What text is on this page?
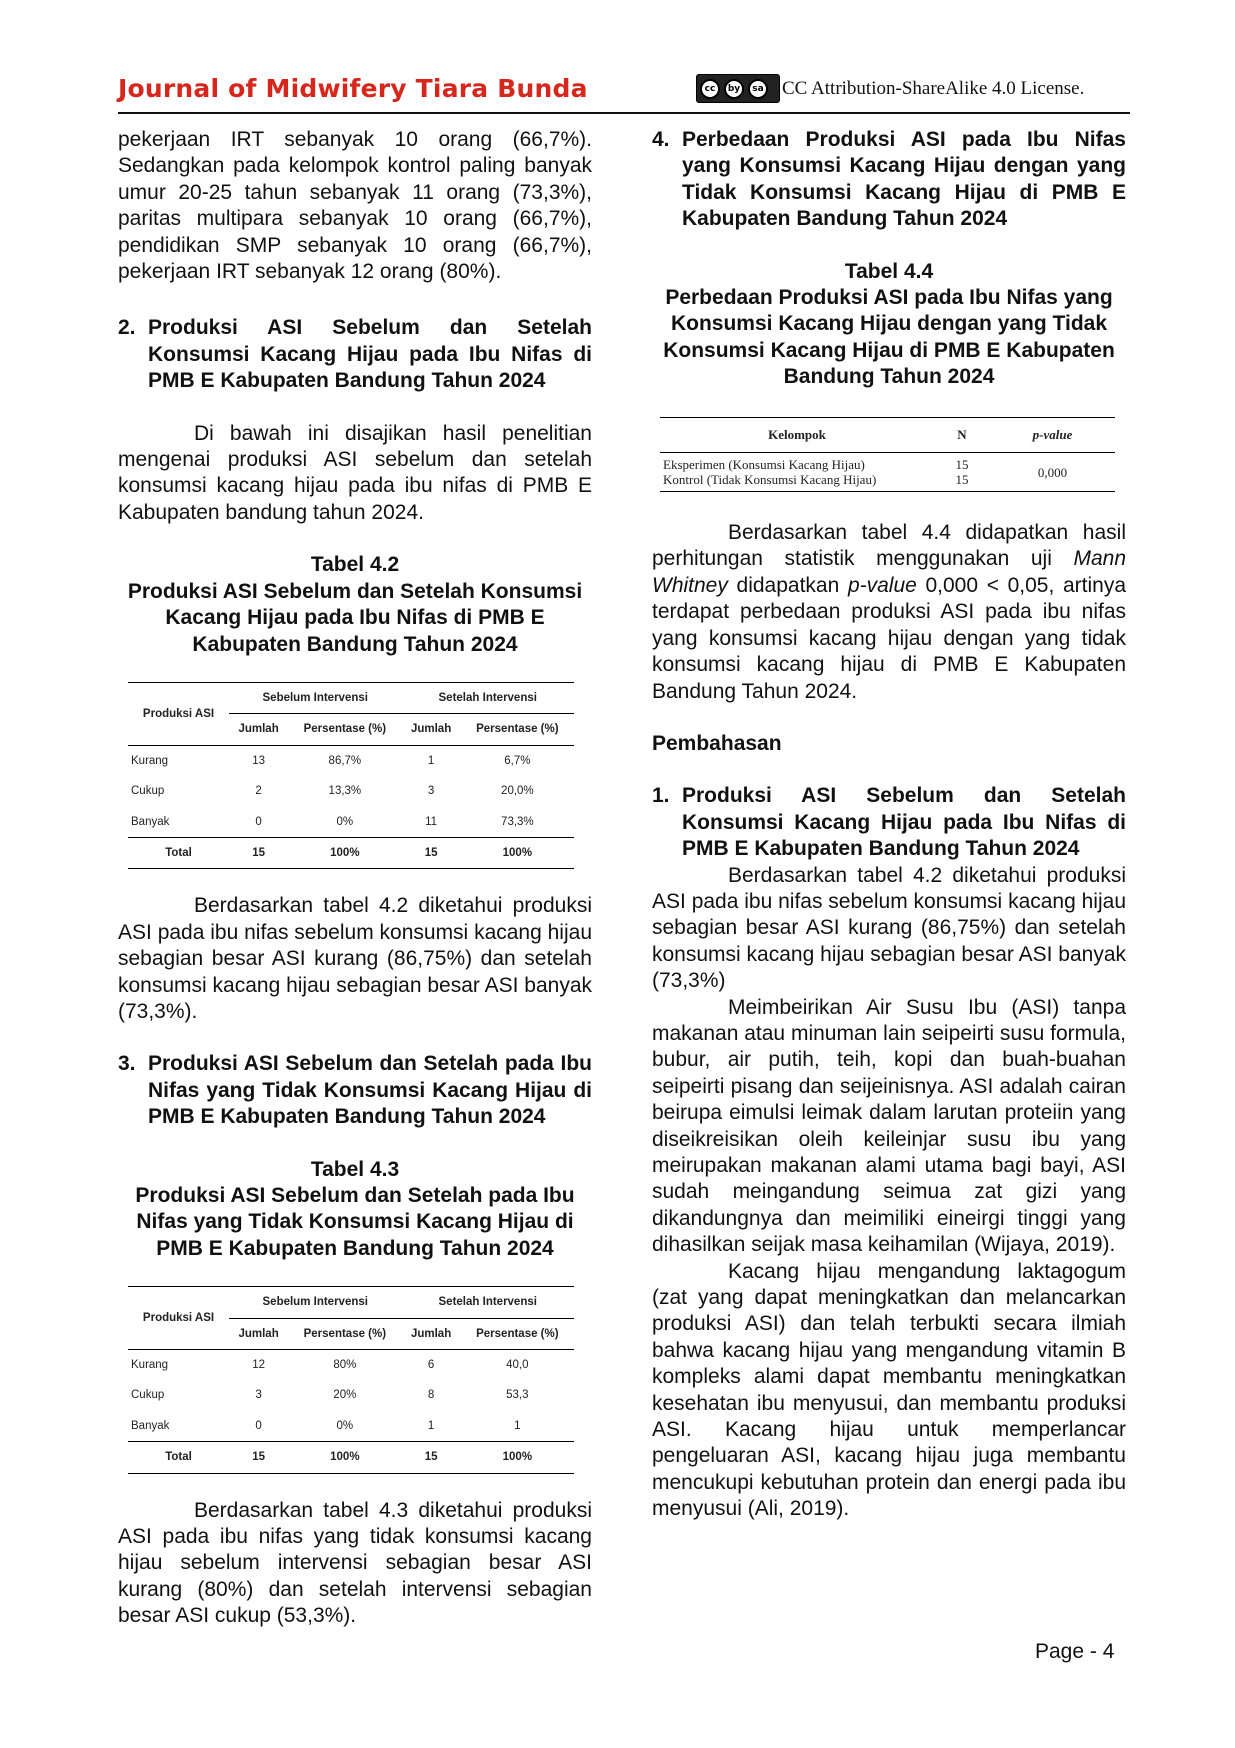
Journal of Midwifery Tiara Bunda	cc	by	sa CC Attribution-ShareAlike 4.0 License.

pekerjaan IRT sebanyak 10 orang (66,7%). Sedangkan pada kelompok kontrol paling banyak umur 20-25 tahun sebanyak 11 orang (73,3%), paritas multipara sebanyak 10 orang (66,7%), pendidikan SMP sebanyak 10 orang (66,7%), pekerjaan IRT sebanyak 12 orang (80%).

2. Produksi ASI Sebelum dan Setelah Konsumsi Kacang Hijau pada Ibu Nifas di PMB E Kabupaten Bandung Tahun 2024

Di bawah ini disajikan hasil penelitian mengenai produksi ASI sebelum dan setelah konsumsi kacang hijau pada ibu nifas di PMB E Kabupaten bandung tahun 2024.

Tabel 4.2

Produksi ASI Sebelum dan Setelah Konsumsi Kacang Hijau pada Ibu Nifas di PMB E Kabupaten Bandung Tahun 2024

Produksi ASI	Sebelum Intervensi		Setelah Intervensi	
	Jumlah	Persentase (%)	Jumlah	Persentase (%)
Kurang	13	86,7%	1	6,7%
Cukup	2	13,3%	3	20,0%
Banyak	0	0%	11	73,3%
Total	15	100%	15	100%

Berdasarkan tabel 4.2 diketahui produksi ASI pada ibu nifas sebelum konsumsi kacang hijau sebagian besar ASI kurang (86,75%) dan setelah konsumsi kacang hijau sebagian besar ASI banyak (73,3%).

3. Produksi ASI Sebelum dan Setelah pada Ibu Nifas yang Tidak Konsumsi Kacang Hijau di PMB E Kabupaten Bandung Tahun 2024

Tabel 4.3

Produksi ASI Sebelum dan Setelah pada Ibu Nifas yang Tidak Konsumsi Kacang Hijau di PMB E Kabupaten Bandung Tahun 2024

Produksi ASI	Sebelum Intervensi		Setelah Intervensi	
	Jumlah	Persentase (%)	Jumlah	Persentase (%)
Kurang	12	80%	6	40,0
Cukup	3	20%	8	53,3
Banyak	0	0%	1	1
Total	15	100%	15	100%

Berdasarkan tabel 4.3 diketahui produksi ASI pada ibu nifas yang tidak konsumsi kacang hijau sebelum intervensi sebagian besar ASI kurang (80%) dan setelah intervensi sebagian besar ASI cukup (53,3%).

4. Perbedaan Produksi ASI pada Ibu Nifas yang Konsumsi Kacang Hijau dengan yang Tidak Konsumsi Kacang Hijau di PMB E Kabupaten Bandung Tahun 2024

Tabel 4.4

Perbedaan Produksi ASI pada Ibu Nifas yang Konsumsi Kacang Hijau dengan yang Tidak Konsumsi Kacang Hijau di PMB E Kabupaten Bandung Tahun 2024

Kelompok	N	p-value
Eksperimen (Konsumsi Kacang Hijau)	15	0,000
Kontrol (Tidak Konsumsi Kacang Hijau)	15	

Berdasarkan tabel 4.4 didapatkan hasil perhitungan statistik menggunakan uji Mann Whitney didapatkan p-value 0,000 < 0,05, artinya terdapat perbedaan produksi ASI pada ibu nifas yang konsumsi kacang hijau dengan yang tidak konsumsi kacang hijau di PMB E Kabupaten Bandung Tahun 2024.

Pembahasan

1. Produksi ASI Sebelum dan Setelah Konsumsi Kacang Hijau pada Ibu Nifas di PMB E Kabupaten Bandung Tahun 2024

Berdasarkan tabel 4.2 diketahui produksi ASI pada ibu nifas sebelum konsumsi kacang hijau sebagian besar ASI kurang (86,75%) dan setelah konsumsi kacang hijau sebagian besar ASI banyak (73,3%)

Meimbeirikan Air Susu Ibu (ASI) tanpa makanan atau minuman lain seipeirti susu formula, bubur, air putih, teih, kopi dan buah-buahan seipeirti pisang dan seijeinisnya. ASI adalah cairan beirupa eimulsi leimak dalam larutan proteiin yang diseikreisikan oleih keileinjar susu ibu yang meirupakan makanan alami utama bagi bayi, ASI sudah meingandung seimua zat gizi yang dikandungnya dan meimiliki eineirgi tinggi yang dihasilkan seijak masa keihamilan (Wijaya, 2019).

Kacang hijau mengandung laktagogum (zat yang dapat meningkatkan dan melancarkan produksi ASI) dan telah terbukti secara ilmiah bahwa kacang hijau yang mengandung vitamin B kompleks alami dapat membantu meningkatkan kesehatan ibu menyusui, dan membantu produksi ASI. Kacang hijau untuk memperlancar pengeluaran ASI, kacang hijau juga membantu mencukupi kebutuhan protein dan energi pada ibu menyusui (Ali, 2019).

Page - 4
